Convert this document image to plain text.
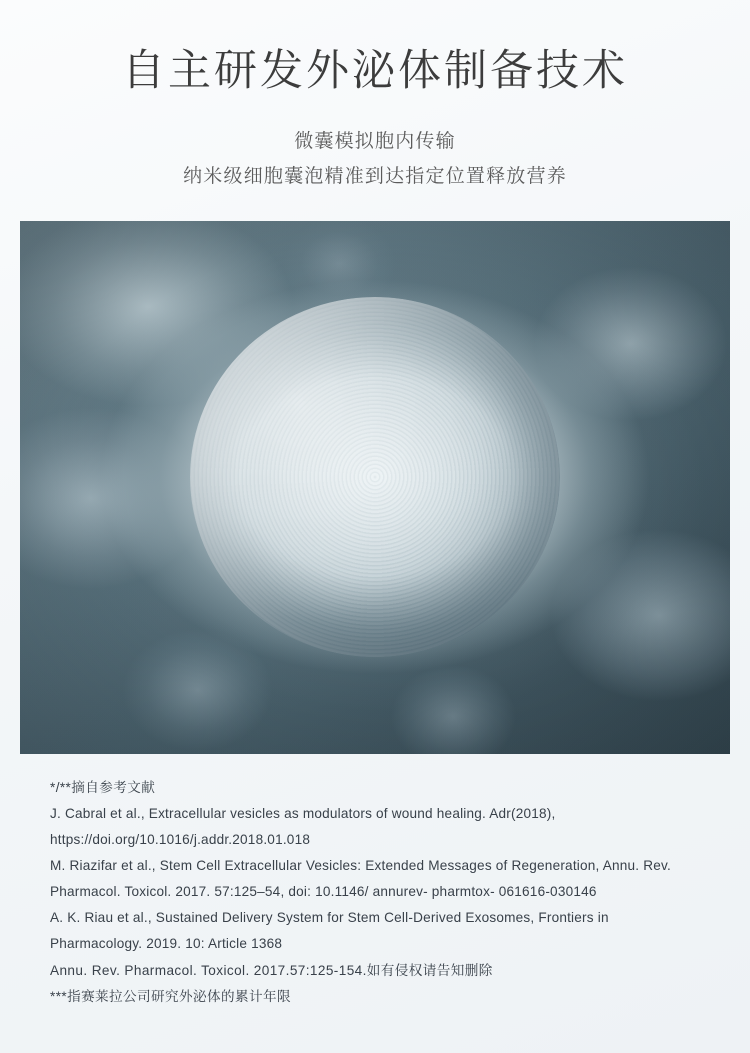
自主研发外泌体制备技术

微囊模拟胞内传输

纳米级细胞囊泡精准到达指定位置释放营养

*/**摘自参考文献
J. Cabral et al., Extracellular vesicles as modulators of wound healing. Adr(2018),
https://doi.org/10.1016/j.addr.2018.01.018
M. Riazifar et al., Stem Cell Extracellular Vesicles: Extended Messages of Regeneration, Annu. Rev.
Pharmacol. Toxicol. 2017. 57:125–54, doi: 10.1146/ annurev- pharmtox- 061616-030146
A. K. Riau et al., Sustained Delivery System for Stem Cell-Derived Exosomes, Frontiers in
Pharmacology. 2019. 10: Article 1368
Annu. Rev. Pharmacol. Toxicol. 2017.57:125-154.如有侵权请告知删除
***指赛莱拉公司研究外泌体的累计年限
